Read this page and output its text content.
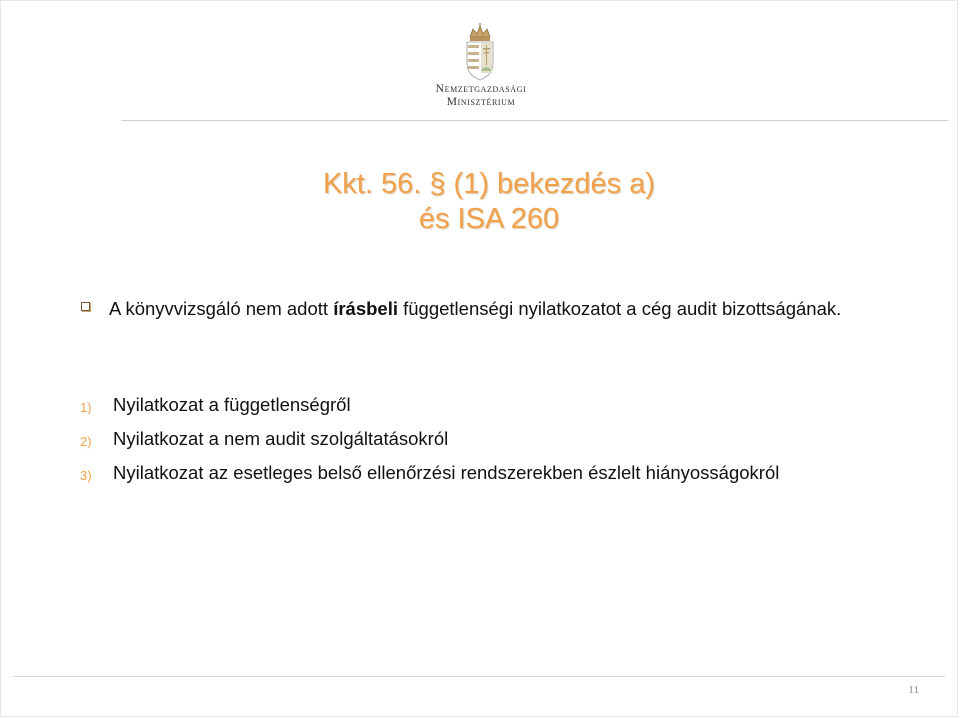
Nemzetgazdasági
Minisztérium
Kkt. 56. § (1) bekezdés a)
és ISA 260
A könyvvizsgáló nem adott írásbeli függetlenségi nyilatkozatot a cég audit bizottságának.
1) Nyilatkozat a függetlenségről
2) Nyilatkozat a nem audit szolgáltatásokról
3) Nyilatkozat az esetleges belső ellenőrzési rendszerekben észlelt hiányosságokról
11
